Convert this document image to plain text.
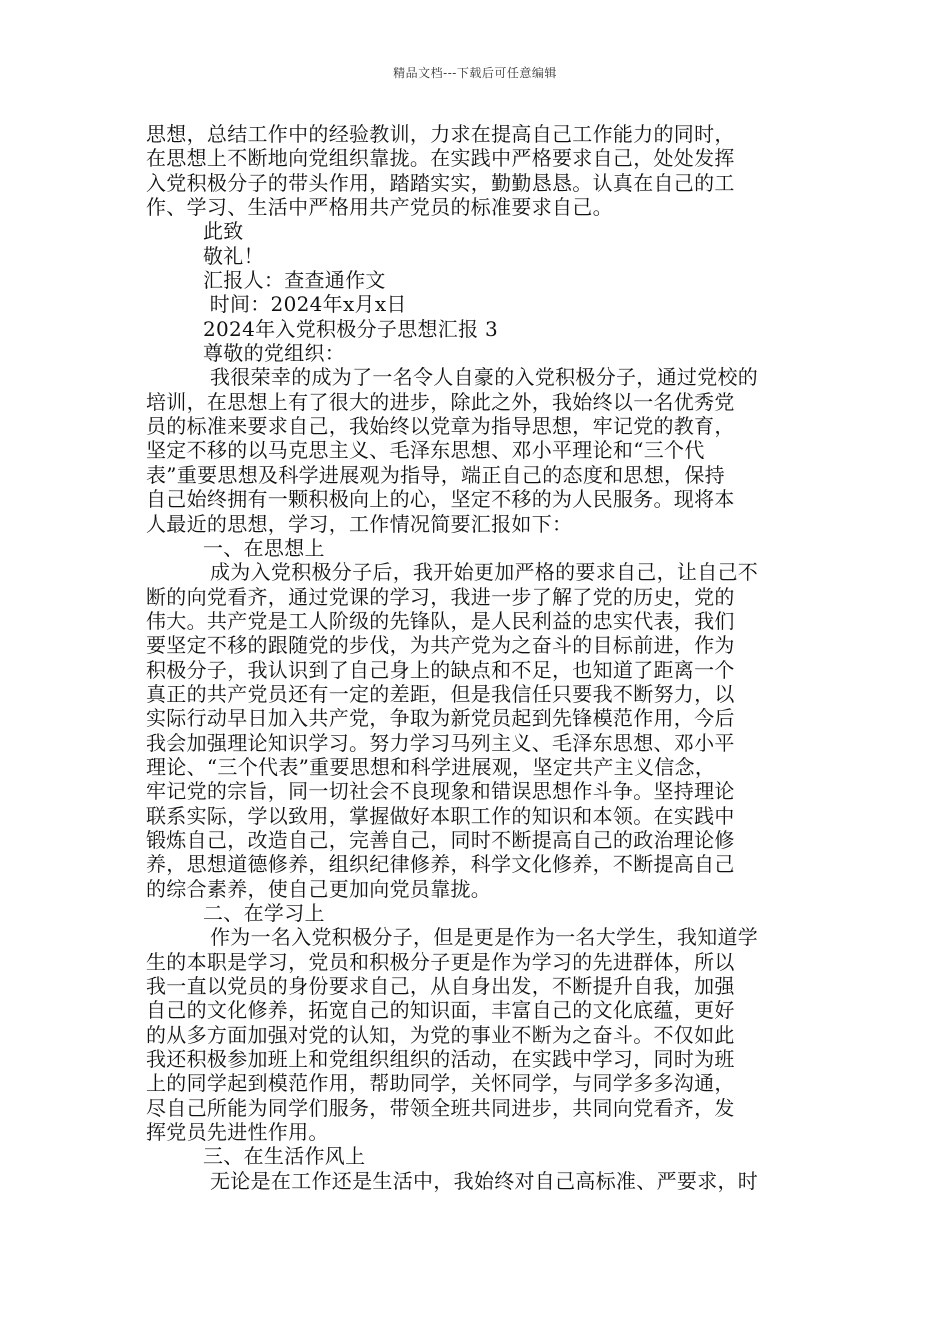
精品文档---下载后可任意编辑
思想，总结工作中的经验教训，力求在提高自己工作能力的同时，
在思想上不断地向党组织靠拢。在实践中严格要求自己，处处发挥
入党积极分子的带头作用，踏踏实实，勤勤恳恳。认真在自己的工
作、学习、生活中严格用共产党员的标准要求自己。
此致
敬礼！
汇报人：查查通作文
时间：2024年x月x日
2024年入党积极分子思想汇报 3
尊敬的党组织：
我很荣幸的成为了一名令人自豪的入党积极分子，通过党校的
培训，在思想上有了很大的进步，除此之外，我始终以一名优秀党
员的标准来要求自己，我始终以党章为指导思想，牢记党的教育，
坚定不移的以马克思主义、毛泽东思想、邓小平理论和“三个代
表”重要思想及科学进展观为指导，端正自己的态度和思想，保持
自己始终拥有一颗积极向上的心，坚定不移的为人民服务。现将本
人最近的思想，学习，工作情况简要汇报如下：
一、在思想上
成为入党积极分子后，我开始更加严格的要求自己，让自己不
断的向党看齐，通过党课的学习，我进一步了解了党的历史，党的
伟大。共产党是工人阶级的先锋队，是人民利益的忠实代表，我们
要坚定不移的跟随党的步伐，为共产党为之奋斗的目标前进，作为
积极分子，我认识到了自己身上的缺点和不足，也知道了距离一个
真正的共产党员还有一定的差距，但是我信任只要我不断努力，以
实际行动早日加入共产党，争取为新党员起到先锋模范作用，今后
我会加强理论知识学习。努力学习马列主义、毛泽东思想、邓小平
理论、“三个代表”重要思想和科学进展观，坚定共产主义信念，
牢记党的宗旨，同一切社会不良现象和错误思想作斗争。坚持理论
联系实际，学以致用，掌握做好本职工作的知识和本领。在实践中
锻炼自己，改造自己，完善自己，同时不断提高自己的政治理论修
养，思想道德修养，组织纪律修养，科学文化修养，不断提高自己
的综合素养，使自己更加向党员靠拢。
二、在学习上
作为一名入党积极分子，但是更是作为一名大学生，我知道学
生的本职是学习，党员和积极分子更是作为学习的先进群体，所以
我一直以党员的身份要求自己，从自身出发，不断提升自我，加强
自己的文化修养，拓宽自己的知识面，丰富自己的文化底蕴，更好
的从多方面加强对党的认知，为党的事业不断为之奋斗。不仅如此
我还积极参加班上和党组织组织的活动，在实践中学习，同时为班
上的同学起到模范作用，帮助同学，关怀同学，与同学多多沟通，
尽自己所能为同学们服务，带领全班共同进步，共同向党看齐，发
挥党员先进性作用。
三、在生活作风上
无论是在工作还是生活中，我始终对自己高标准、严要求，时
